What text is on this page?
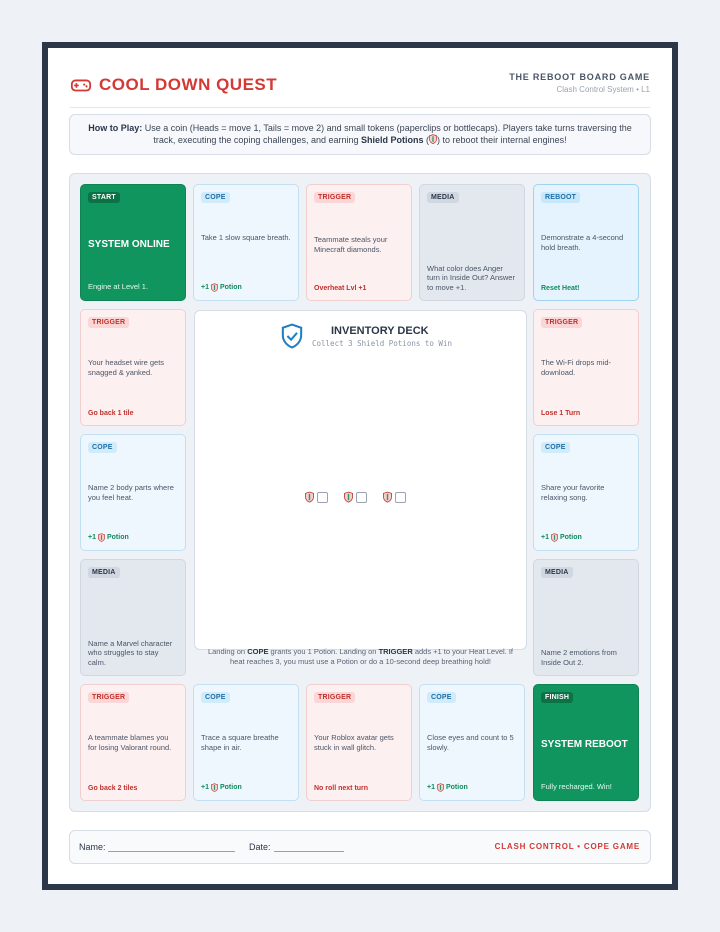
COOL DOWN QUEST	THE REBOOT BOARD GAME
Clash Control System • L1
How to Play: Use a coin (Heads = move 1, Tails = move 2) and small tokens (paperclips or bottlecaps). Players take turns traversing the track, executing the coping challenges, and earning Shield Potions ( ) to reboot their internal engines!
START
SYSTEM ONLINE
Engine at Level 1.
COPE
Take 1 slow square breath.
+1 Potion
TRIGGER
Teammate steals your Minecraft diamonds.
Overheat Lvl +1
MEDIA
What color does Anger turn in Inside Out? Answer to move +1.
REBOOT
Demonstrate a 4-second hold breath.
Reset Heat!
TRIGGER
Your headset wire gets snagged & yanked.
Go back 1 tile
TRIGGER
The Wi-Fi drops mid-download.
Lose 1 Turn
COPE
Name 2 body parts where you feel heat.
+1 Potion
COPE
Share your favorite relaxing song.
+1 Potion
MEDIA
Name a Marvel character who struggles to stay calm.
MEDIA
Name 2 emotions from Inside Out 2.
TRIGGER
A teammate blames you for losing Valorant round.
Go back 2 tiles
COPE
Trace a square breathe shape in air.
+1 Potion
TRIGGER
Your Roblox avatar gets stuck in wall glitch.
No roll next turn
COPE
Close eyes and count to 5 slowly.
+1 Potion
FINISH
SYSTEM REBOOT
Fully recharged. Win!
INVENTORY DECK
Collect 3 Shield Potions to Win
Landing on COPE grants you 1 Potion. Landing on TRIGGER adds +1 to your Heat Level. If heat reaches 3, you must use a Potion or do a 10-second deep breathing hold!
Name:	Date:	CLASH CONTROL • COPE GAME
